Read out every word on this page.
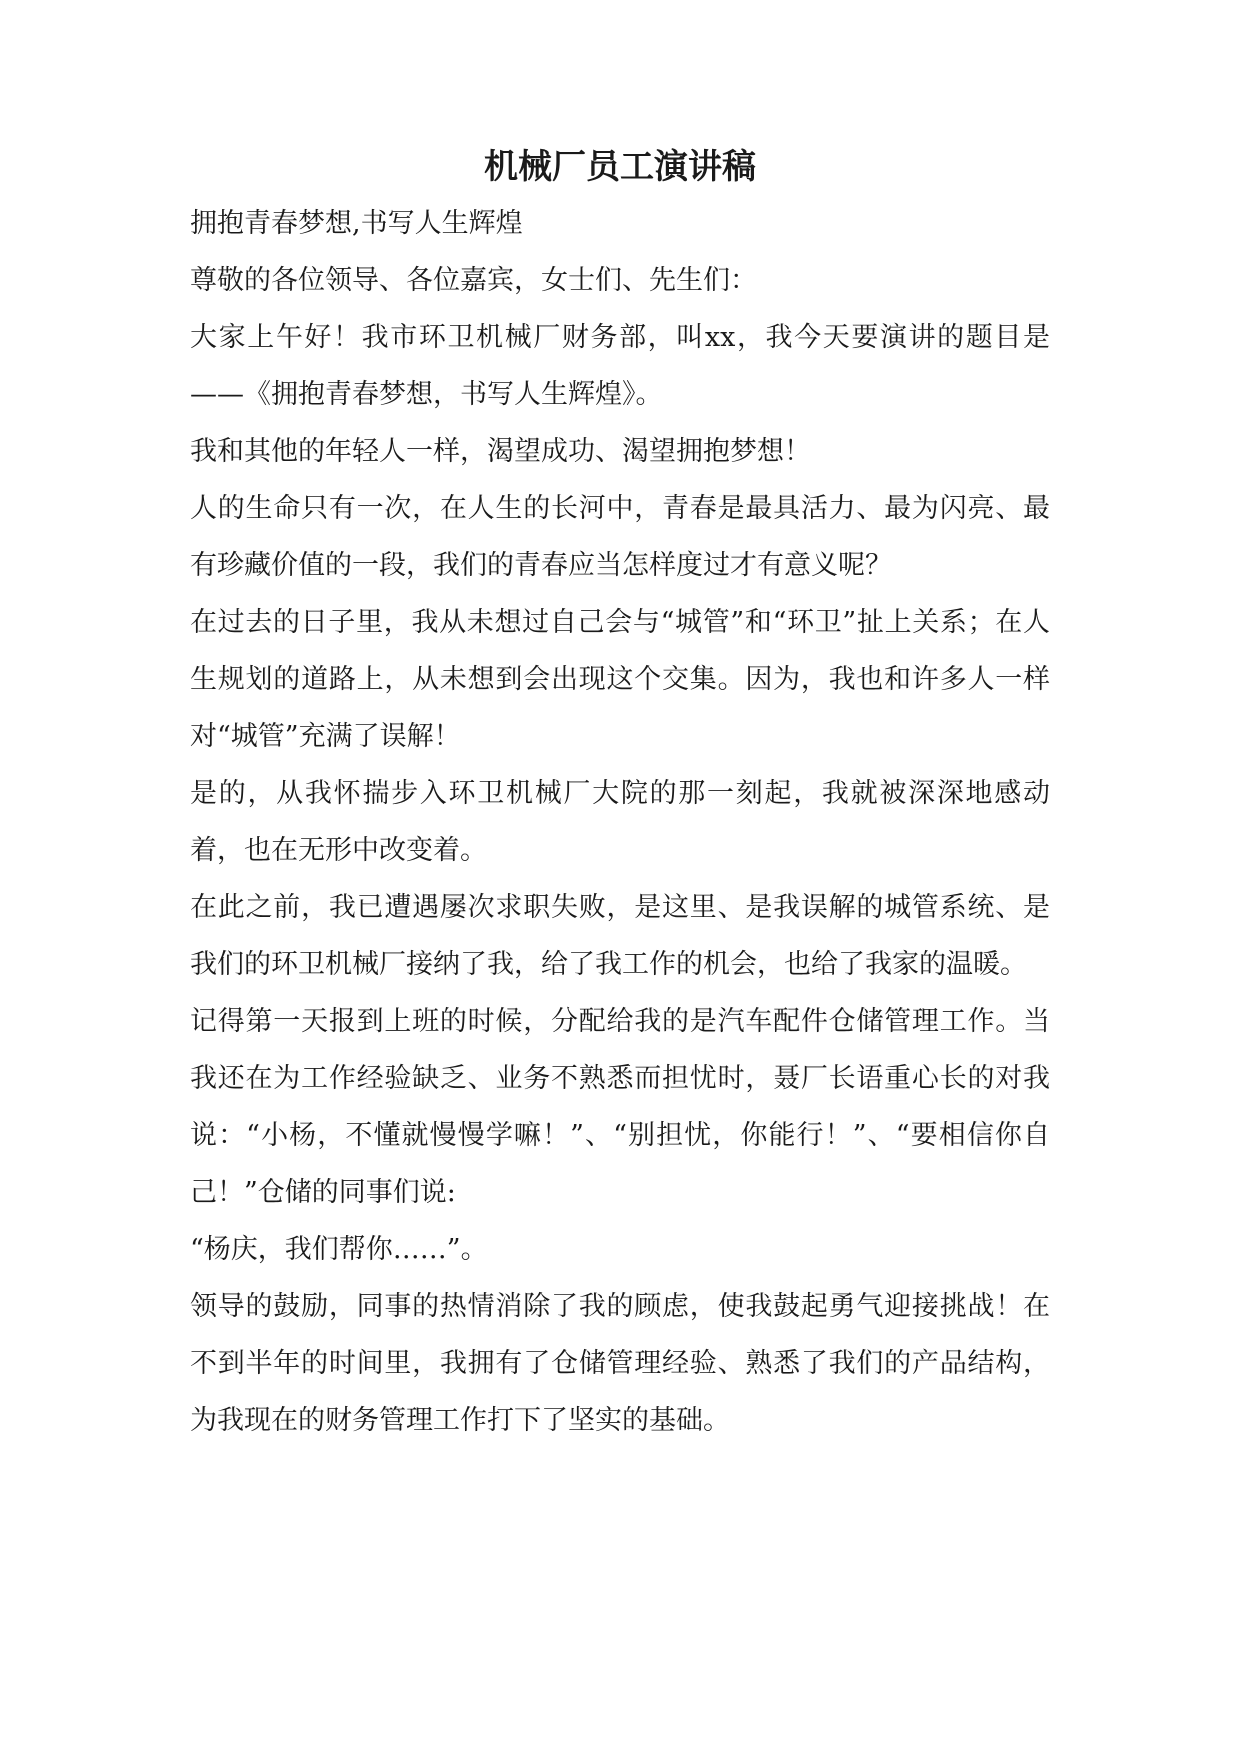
机械厂员工演讲稿

拥抱青春梦想,书写人生辉煌

尊敬的各位领导、各位嘉宾，女士们、先生们：

大家上午好！我市环卫机械厂财务部，叫xx，我今天要演讲的题目是——《拥抱青春梦想，书写人生辉煌》。

我和其他的年轻人一样，渴望成功、渴望拥抱梦想！

人的生命只有一次，在人生的长河中，青春是最具活力、最为闪亮、最有珍藏价值的一段，我们的青春应当怎样度过才有意义呢？

在过去的日子里，我从未想过自己会与“城管”和“环卫”扯上关系；在人生规划的道路上，从未想到会出现这个交集。因为，我也和许多人一样对“城管”充满了误解！

是的，从我怀揣步入环卫机械厂大院的那一刻起，我就被深深地感动着，也在无形中改变着。

在此之前，我已遭遇屡次求职失败，是这里、是我误解的城管系统、是我们的环卫机械厂接纳了我，给了我工作的机会，也给了我家的温暖。

记得第一天报到上班的时候，分配给我的是汽车配件仓储管理工作。当我还在为工作经验缺乏、业务不熟悉而担忧时，聂厂长语重心长的对我说：“小杨，不懂就慢慢学嘛！”、“别担忧，你能行！”、“要相信你自己！”仓储的同事们说:

“杨庆，我们帮你……”。

领导的鼓励，同事的热情消除了我的顾虑，使我鼓起勇气迎接挑战！在不到半年的时间里，我拥有了仓储管理经验、熟悉了我们的产品结构，为我现在的财务管理工作打下了坚实的基础。
